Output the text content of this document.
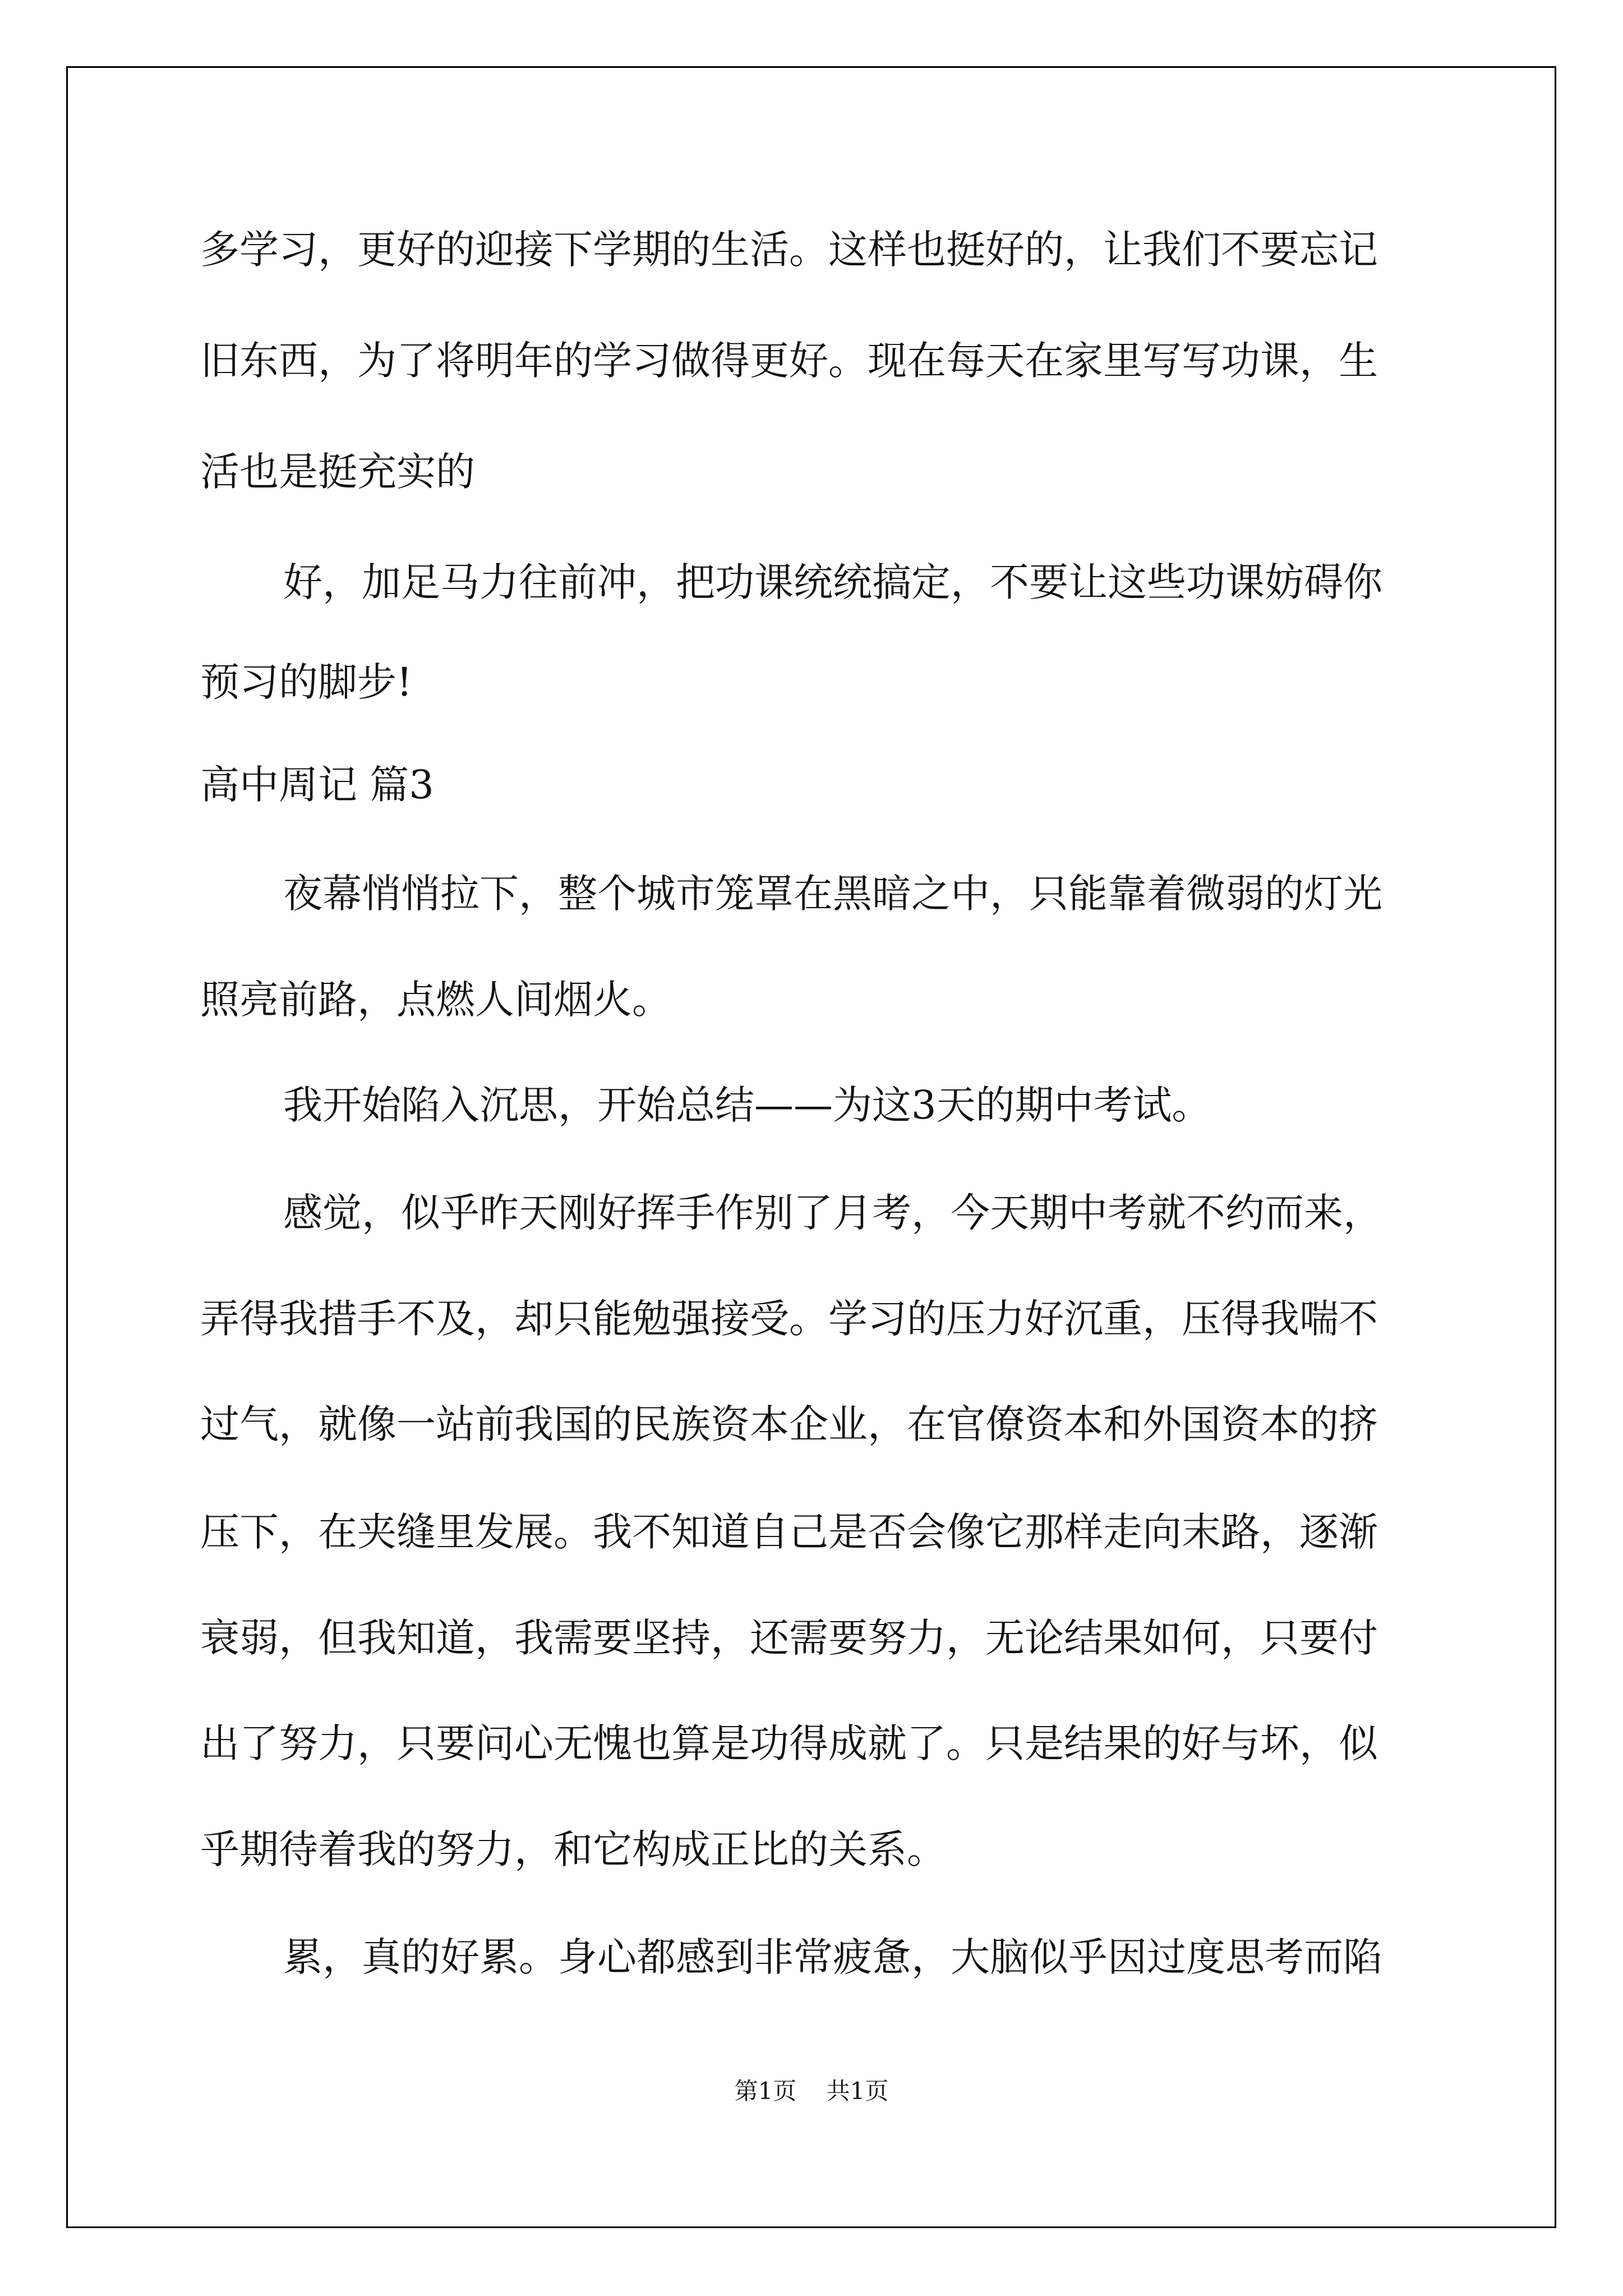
多学习，更好的迎接下学期的生活。这样也挺好的，让我们不要忘记

旧东西，为了将明年的学习做得更好。现在每天在家里写写功课，生

活也是挺充实的

好，加足马力往前冲，把功课统统搞定，不要让这些功课妨碍你

预习的脚步!

高中周记 篇3

夜幕悄悄拉下，整个城市笼罩在黑暗之中，只能靠着微弱的灯光

照亮前路，点燃人间烟火。

我开始陷入沉思，开始总结——为这3天的期中考试。

感觉，似乎昨天刚好挥手作别了月考，今天期中考就不约而来，

弄得我措手不及，却只能勉强接受。学习的压力好沉重，压得我喘不

过气，就像一站前我国的民族资本企业，在官僚资本和外国资本的挤

压下，在夹缝里发展。我不知道自己是否会像它那样走向末路，逐渐

衰弱，但我知道，我需要坚持，还需要努力，无论结果如何，只要付

出了努力，只要问心无愧也算是功得成就了。只是结果的好与坏，似

乎期待着我的努力，和它构成正比的关系。

累，真的好累。身心都感到非常疲惫，大脑似乎因过度思考而陷

第1页    共1页
